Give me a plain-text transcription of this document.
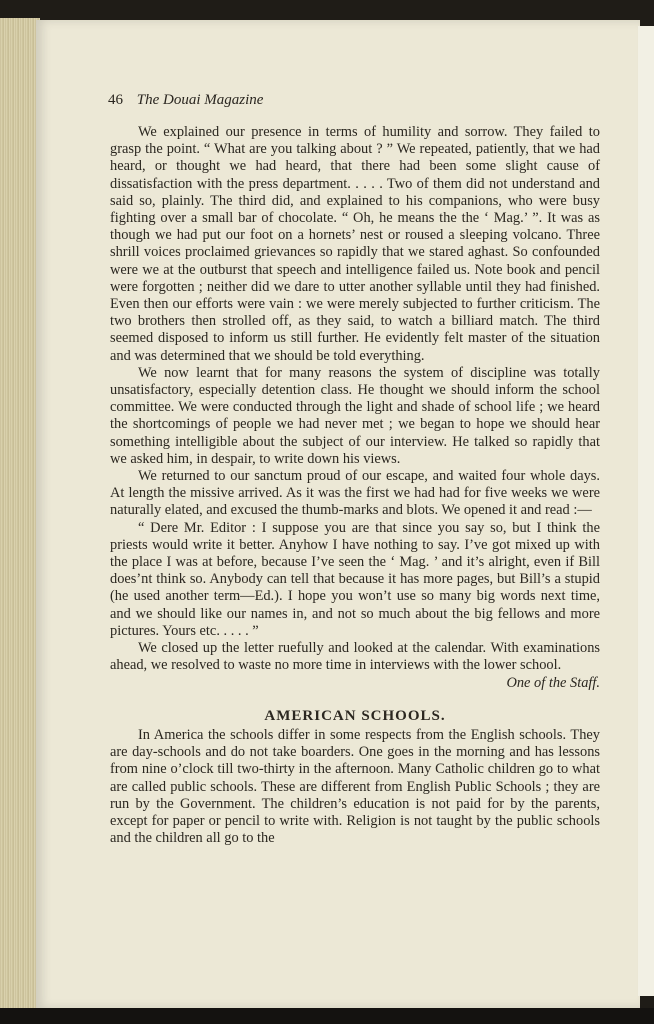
46 The Douai Magazine

We explained our presence in terms of humility and sorrow. They failed to grasp the point. “ What are you talking about ? ” We repeated, patiently, that we had heard, or thought we had heard, that there had been some slight cause of dissatisfaction with the press department. . . . . Two of them did not understand and said so, plainly. The third did, and explained to his companions, who were busy fighting over a small bar of chocolate. “ Oh, he means the the ‘ Mag.’ ”. It was as though we had put our foot on a hornets’ nest or roused a sleeping volcano. Three shrill voices proclaimed grievances so rapidly that we stared aghast. So confounded were we at the outburst that speech and intelligence failed us. Note book and pencil were forgotten ; neither did we dare to utter another syllable until they had finished. Even then our efforts were vain : we were merely subjected to further criticism. The two brothers then strolled off, as they said, to watch a billiard match. The third seemed disposed to inform us still further. He evidently felt master of the situation and was determined that we should be told everything.

We now learnt that for many reasons the system of discipline was totally unsatisfactory, especially detention class. He thought we should inform the school committee. We were conducted through the light and shade of school life ; we heard the shortcomings of people we had never met ; we began to hope we should hear something intelligible about the subject of our interview. He talked so rapidly that we asked him, in despair, to write down his views.

We returned to our sanctum proud of our escape, and waited four whole days. At length the missive arrived. As it was the first we had had for five weeks we were naturally elated, and excused the thumb-marks and blots. We opened it and read :—

“ Dere Mr. Editor : I suppose you are that since you say so, but I think the priests would write it better. Anyhow I have nothing to say. I’ve got mixed up with the place I was at before, because I’ve seen the ‘ Mag. ’ and it’s alright, even if Bill does’nt think so. Anybody can tell that because it has more pages, but Bill’s a stupid (he used another term—Ed.). I hope you won’t use so many big words next time, and we should like our names in, and not so much about the big fellows and more pictures. Yours etc. . . . . ”

We closed up the letter ruefully and looked at the calendar. With examinations ahead, we resolved to waste no more time in interviews with the lower school.

One of the Staff.

AMERICAN SCHOOLS.

In America the schools differ in some respects from the English schools. They are day-schools and do not take boarders. One goes in the morning and has lessons from nine o’clock till two-thirty in the afternoon. Many Catholic children go to what are called public schools. These are different from English Public Schools ; they are run by the Government. The children’s education is not paid for by the parents, except for paper or pencil to write with. Religion is not taught by the public schools and the children all go to the
